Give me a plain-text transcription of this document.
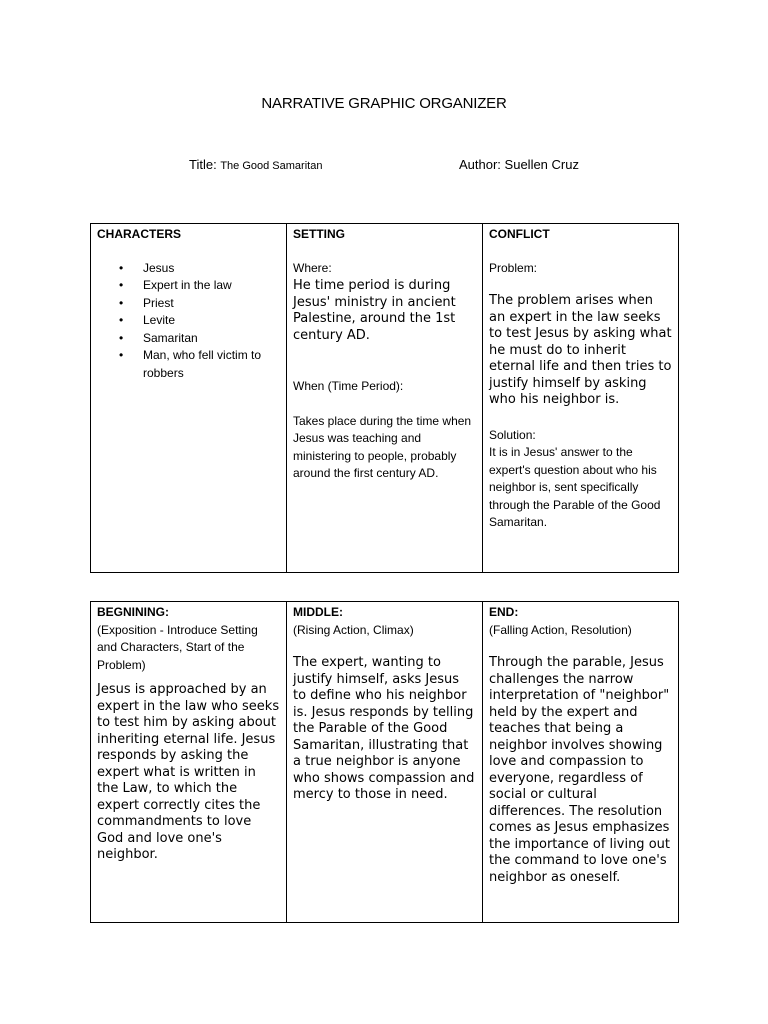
NARRATIVE GRAPHIC ORGANIZER
Title: The Good Samaritan	Author: Suellen Cruz
CHARACTERS
• Jesus
• Expert in the law
• Priest
• Levite
• Samaritan
• Man, who fell victim to robbers

SETTING
Where:
He time period is during Jesus' ministry in ancient Palestine, around the 1st century AD.
When (Time Period):
Takes place during the time when Jesus was teaching and ministering to people, probably around the first century AD.

CONFLICT
Problem:
The problem arises when an expert in the law seeks to test Jesus by asking what he must do to inherit eternal life and then tries to justify himself by asking who his neighbor is.
Solution:
It is in Jesus' answer to the expert's question about who his neighbor is, sent specifically through the Parable of the Good Samaritan.
BEGNINING:
(Exposition - Introduce Setting and Characters, Start of the Problem)
Jesus is approached by an expert in the law who seeks to test him by asking about inheriting eternal life. Jesus responds by asking the expert what is written in the Law, to which the expert correctly cites the commandments to love God and love one's neighbor.

MIDDLE:
(Rising Action, Climax)
The expert, wanting to justify himself, asks Jesus to define who his neighbor is. Jesus responds by telling the Parable of the Good Samaritan, illustrating that a true neighbor is anyone who shows compassion and mercy to those in need.

END:
(Falling Action, Resolution)
Through the parable, Jesus challenges the narrow interpretation of "neighbor" held by the expert and teaches that being a neighbor involves showing love and compassion to everyone, regardless of social or cultural differences. The resolution comes as Jesus emphasizes the importance of living out the command to love one's neighbor as oneself.
